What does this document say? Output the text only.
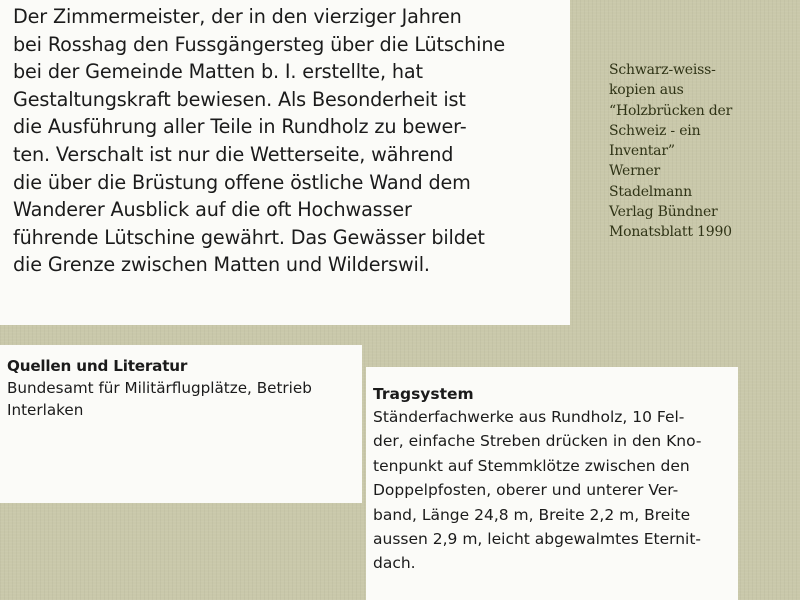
Der Zimmermeister, der in den vierziger Jahren
bei Rosshag den Fussgängersteg über die Lütschine
bei der Gemeinde Matten b. I. erstellte, hat
Gestaltungskraft bewiesen. Als Besonderheit ist
die Ausführung aller Teile in Rundholz zu bewer-
ten. Verschalt ist nur die Wetterseite, während
die über die Brüstung offene östliche Wand dem
Wanderer Ausblick auf die oft Hochwasser
führende Lütschine gewährt. Das Gewässer bildet
die Grenze zwischen Matten und Wilderswil.
Quellen und Literatur
Bundesamt für Militärflugplätze, Betrieb
Interlaken
Tragsystem
Ständerfachwerke aus Rundholz, 10 Fel-
der, einfache Streben drücken in den Kno-
tenpunkt auf Stemmklötze zwischen den
Doppelpfosten, oberer und unterer Ver-
band, Länge 24,8 m, Breite 2,2 m, Breite
aussen 2,9 m, leicht abgewalmtes Eternit-
dach.
Schwarz-weiss-
kopien aus
“Holzbrücken der
Schweiz - ein
Inventar”
Werner
Stadelmann
Verlag Bündner
Monatsblatt 1990
